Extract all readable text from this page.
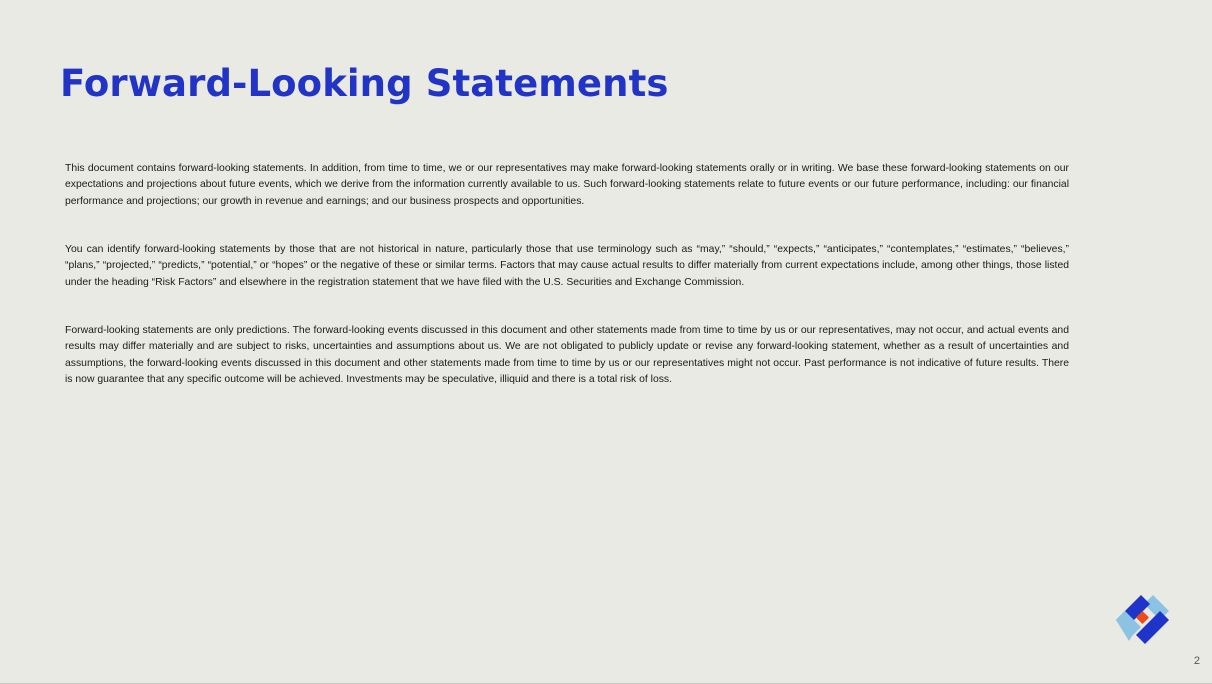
Forward-Looking Statements

This document contains forward-looking statements. In addition, from time to time, we or our representatives may make forward-looking statements orally or in writing. We base these forward-looking statements on our expectations and projections about future events, which we derive from the information currently available to us. Such forward-looking statements relate to future events or our future performance, including: our financial performance and projections; our growth in revenue and earnings; and our business prospects and opportunities.

You can identify forward-looking statements by those that are not historical in nature, particularly those that use terminology such as “may,” “should,” “expects,” “anticipates,” “contemplates,” “estimates,” “believes,” “plans,” “projected,” “predicts,” “potential,” or “hopes” or the negative of these or similar terms. Factors that may cause actual results to differ materially from current expectations include, among other things, those listed under the heading “Risk Factors” and elsewhere in the registration statement that we have filed with the U.S. Securities and Exchange Commission.

Forward-looking statements are only predictions. The forward-looking events discussed in this document and other statements made from time to time by us or our representatives, may not occur, and actual events and results may differ materially and are subject to risks, uncertainties and assumptions about us. We are not obligated to publicly update or revise any forward-looking statement, whether as a result of uncertainties and assumptions, the forward-looking events discussed in this document and other statements made from time to time by us or our representatives might not occur. Past performance is not indicative of future results. There is now guarantee that any specific outcome will be achieved. Investments may be speculative, illiquid and there is a total risk of loss.

2
